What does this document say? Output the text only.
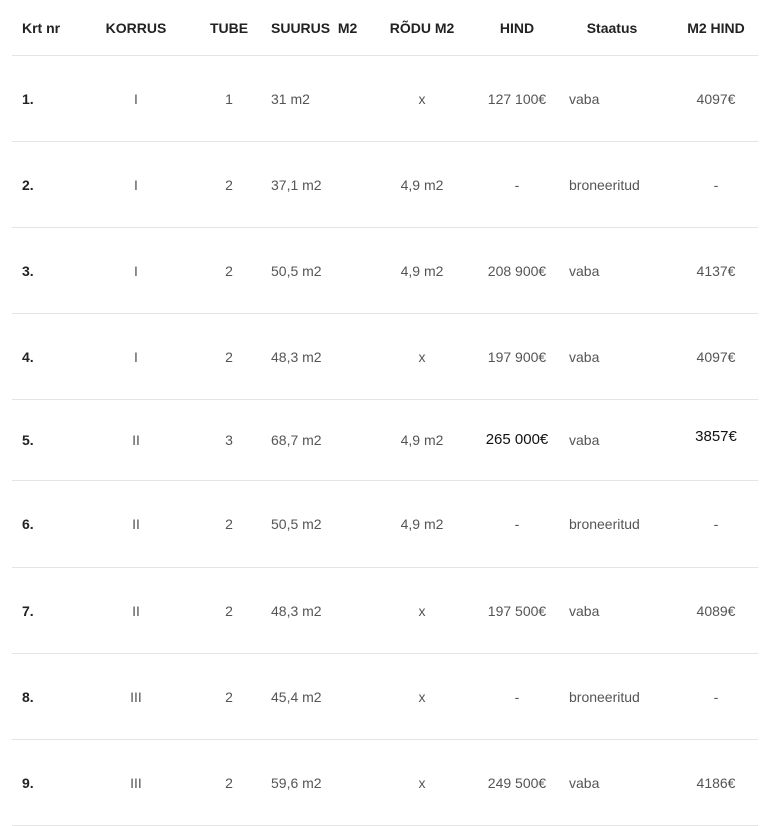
Krt nr	KORRUS	TUBE	SUURUS  M2	RÕDU M2	HIND	Staatus	M2 HIND
1.	I	1	31 m2	x	127 100€	vaba	4097€
2.	I	2	37,1 m2	4,9 m2	-	broneeritud	-
3.	I	2	50,5 m2	4,9 m2	208 900€	vaba	4137€
4.	I	2	48,3 m2	x	197 900€	vaba	4097€
5.	II	3	68,7 m2	4,9 m2	265 000€	vaba	3857€
6.	II	2	50,5 m2	4,9 m2	-	broneeritud	-
7.	II	2	48,3 m2	x	197 500€	vaba	4089€
8.	III	2	45,4 m2	x	-	broneeritud	-
9.	III	2	59,6 m2	x	249 500€	vaba	4186€
